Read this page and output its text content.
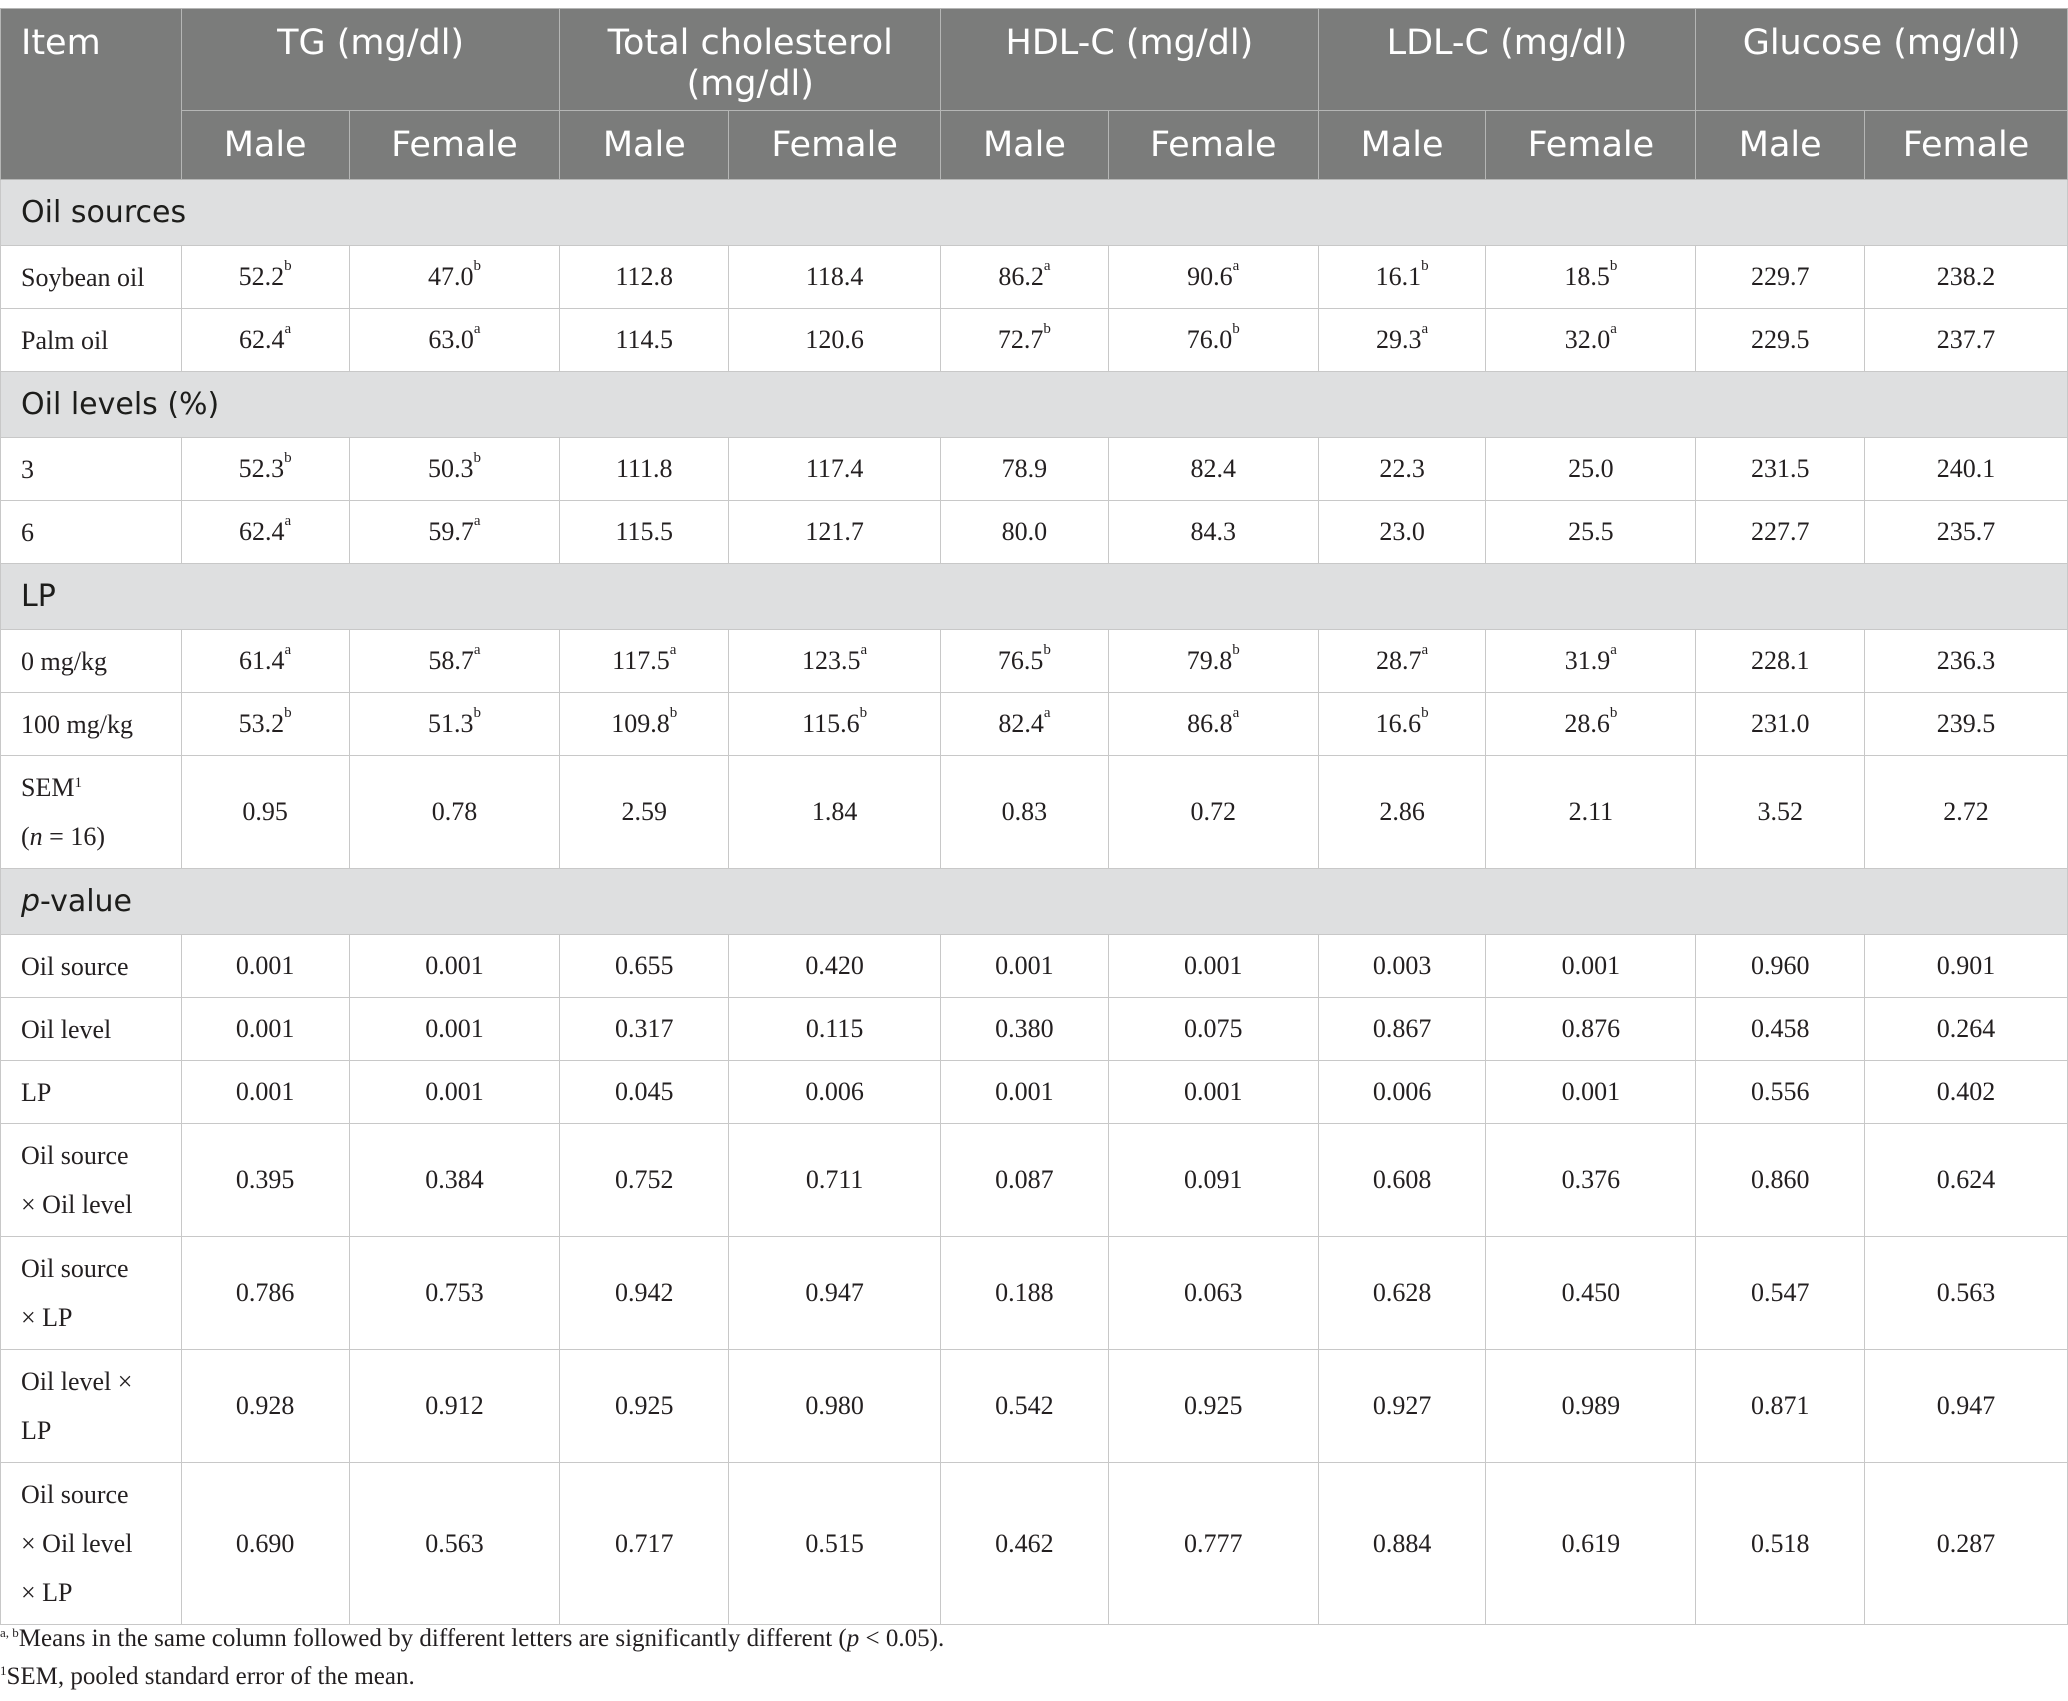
Item	TG (mg/dl)		Total cholesterol (mg/dl)		HDL-C (mg/dl)		LDL-C (mg/dl)		Glucose (mg/dl)	
	Male	Female	Male	Female	Male	Female	Male	Female	Male	Female
Oil sources										
Soybean oil	52.2$^b$	47.0$^b$	112.8	118.4	86.2$^a$	90.6$^a$	16.1$^b$	18.5$^b$	229.7	238.2
Palm oil	62.4$^a$	63.0$^a$	114.5	120.6	72.7$^b$	76.0$^b$	29.3$^a$	32.0$^a$	229.5	237.7
Oil levels (%)										
3	52.3$^b$	50.3$^b$	111.8	117.4	78.9	82.4	22.3	25.0	231.5	240.1
6	62.4$^a$	59.7$^a$	115.5	121.7	80.0	84.3	23.0	25.5	227.7	235.7
LP										
0 mg/kg	61.4$^a$	58.7$^a$	117.5$^a$	123.5$^a$	76.5$^b$	79.8$^b$	28.7$^a$	31.9$^a$	228.1	236.3
100 mg/kg	53.2$^b$	51.3$^b$	109.8$^b$	115.6$^b$	82.4$^a$	86.8$^a$	16.6$^b$	28.6$^b$	231.0	239.5
SEM$^1$
(n = 16)	0.95	0.78	2.59	1.84	0.83	0.72	2.86	2.11	3.52	2.72
p-value										
Oil source	0.001	0.001	0.655	0.420	0.001	0.001	0.003	0.001	0.960	0.901
Oil level	0.001	0.001	0.317	0.115	0.380	0.075	0.867	0.876	0.458	0.264
LP	0.001	0.001	0.045	0.006	0.001	0.001	0.006	0.001	0.556	0.402
Oil source
× Oil level	0.395	0.384	0.752	0.711	0.087	0.091	0.608	0.376	0.860	0.624
Oil source
× LP	0.786	0.753	0.942	0.947	0.188	0.063	0.628	0.450	0.547	0.563
Oil level ×
LP	0.928	0.912	0.925	0.980	0.542	0.925	0.927	0.989	0.871	0.947
Oil source
× Oil level
× LP	0.690	0.563	0.717	0.515	0.462	0.777	0.884	0.619	0.518	0.287
$^{a, b}$Means in the same column followed by different letters are significantly different (p < 0.05).
$^1$SEM, pooled standard error of the mean.
